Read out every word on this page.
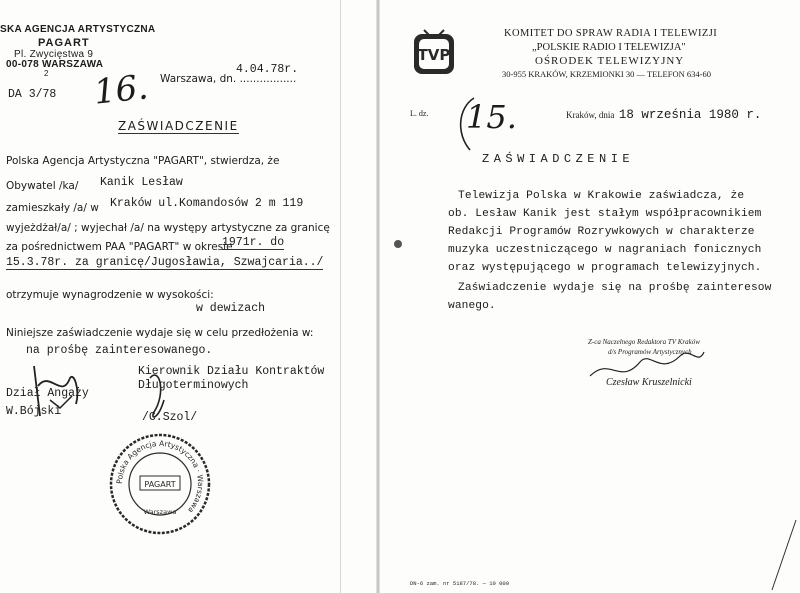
SKA AGENCJA ARTYSTYCZNA
PAGART
Pl. Zwycięstwa 9
00-078 WARSZAWA
2
DA 3/78 16. Warszawa, dn. .................
4.04.78r.
ZAŚWIADCZENIE
Polska Agencja Artystyczna "PAGART", stwierdza, że
Obywatel /ka/ Kanik Lesław
zamieszkały /a/ w Kraków ul.Komandosów 2 m 119
wyjeżdżał/a/ ; wyjechał /a/ na występy artystyczne za granicę
za pośrednictwem PAA "PAGART" w okresie
1971r. do
15.3.78r. za granicę/Jugosławia, Szwajcaria../
otrzymuje wynagrodzenie w wysokości:
w dewizach
Niniejsze zaświadczenie wydaje się w celu przedłożenia w:
na prośbę zainteresowanego.
Dział Angaży
W.Bójski
Kierownik Działu Kontraktów
Długoterminowych
/C.Szol/
Polska Agencja Artystyczna · Warszawa
PAGART
Warszawa
TVP
KOMITET DO SPRAW RADIA I TELEWIZJI
„POLSKIE RADIO I TELEWIZJA"
OŚRODEK TELEWIZYJNY
30-955 KRAKÓW, KRZEMIONKI 30 — TELEFON 634-60
L. dz. 15.	Kraków, dnia 18 września 1980 r.
ZAŚWIADCZENIE
Telewizja Polska w Krakowie zaświadcza, że
ob. Lesław Kanik jest stałym współpracownikiem
Redakcji Programów Rozrywkowych w charakterze
muzyka uczestniczącego w nagraniach fonicznych
oraz występującego w programach telewizyjnych.
Zaświadczenie wydaje się na prośbę zainteresow
wanego.
Z-ca Naczelnego Redaktora TV Kraków
d/s Programów Artystycznych
Czesław Kruszelnicki
DN-6 zam. nr 5187/78. — 10 000
